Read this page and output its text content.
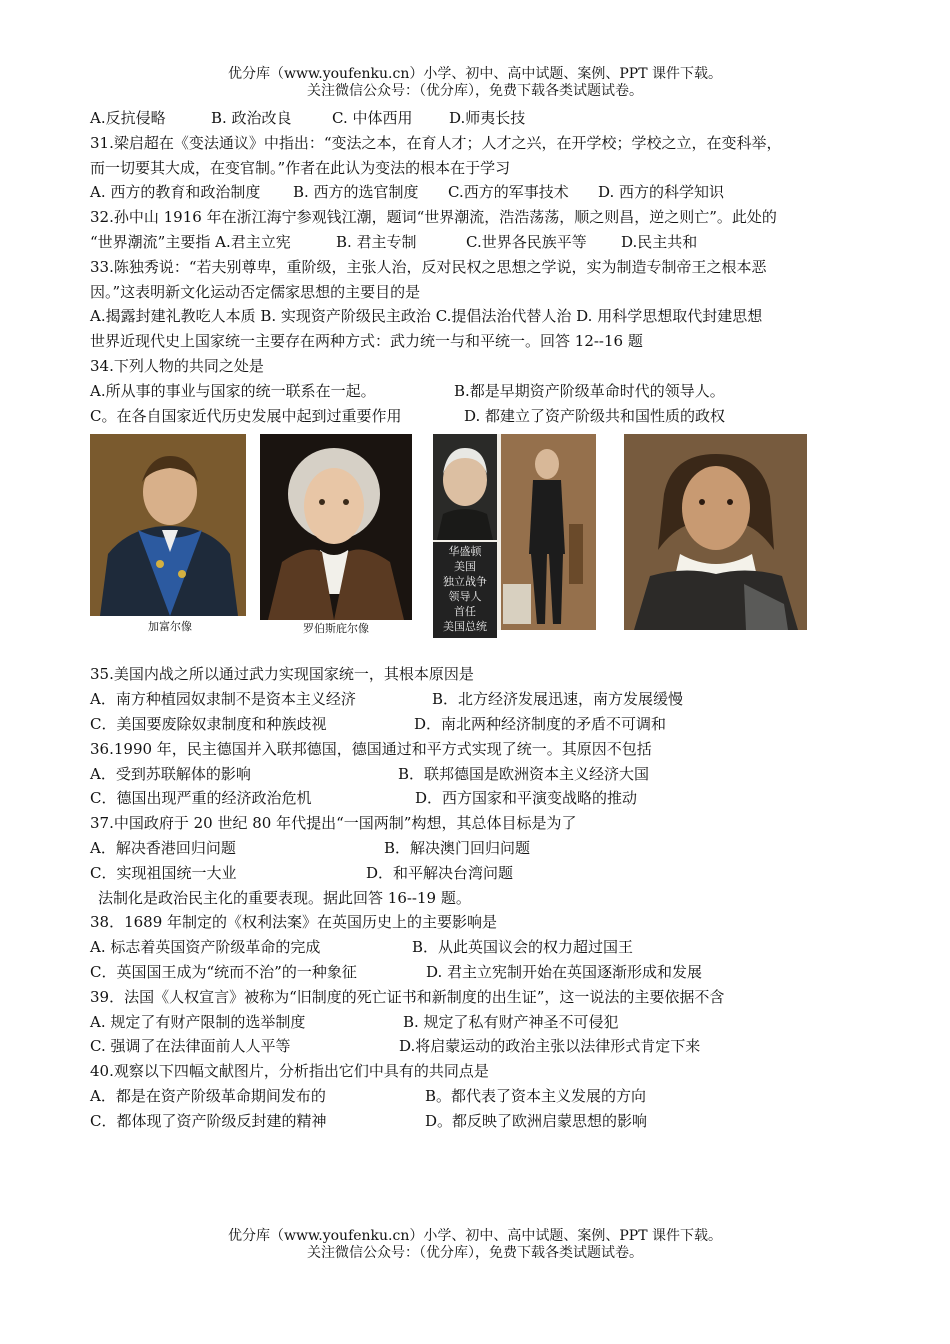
优分库（www.youfenku.cn）小学、初中、高中试题、案例、PPT 课件下载。
关注微信公众号：（优分库），免费下载各类试题试卷。
A.反抗侵略	B. 政治改良	C. 中体西用 D.师夷长技
31.梁启超在《变法通议》中指出：“变法之本，在育人才；人才之兴，在开学校；学校之立，在变科举，
而一切要其大成，在变官制。”作者在此认为变法的根本在于学习
A. 西方的教育和政治制度 B. 西方的选官制度 C.西方的军事技术 D. 西方的科学知识
32.孙中山 1916 年在浙江海宁参观钱江潮，题词“世界潮流，浩浩荡荡，顺之则昌，逆之则亡”。此处的
“世界潮流”主要指 A.君主立宪	B. 君主专制	C.世界各民族平等 D.民主共和
33.陈独秀说：“若夫别尊卑，重阶级，主张人治，反对民权之思想之学说，实为制造专制帝王之根本恶
因。”这表明新文化运动否定儒家思想的主要目的是
A.揭露封建礼教吃人本质 B. 实现资产阶级民主政治 C.提倡法治代替人治 D. 用科学思想取代封建思想
世界近现代史上国家统一主要存在两种方式：武力统一与和平统一。回答 12--16 题
34.下列人物的共同之处是
A.所从事的事业与国家的统一联系在一起。	B.都是早期资产阶级革命时代的领导人。
C。在各自国家近代历史发展中起到过重要作用	D. 都建立了资产阶级共和国性质的政权
加富尔像	罗伯斯庇尔像
华盛顿
美国
独立战争
领导人
首任
美国总统
35.美国内战之所以通过武力实现国家统一，其根本原因是
A．南方种植园奴隶制不是资本主义经济	B．北方经济发展迅速，南方发展缓慢
C．美国要废除奴隶制度和种族歧视	D．南北两种经济制度的矛盾不可调和
36.1990 年，民主德国并入联邦德国，德国通过和平方式实现了统一。其原因不包括
A．受到苏联解体的影响	B．联邦德国是欧洲资本主义经济大国
C．德国出现严重的经济政治危机	D．西方国家和平演变战略的推动
37.中国政府于 20 世纪 80 年代提出“一国两制”构想，其总体目标是为了
A．解决香港回归问题	B．解决澳门回归问题
C．实现祖国统一大业	D．和平解决台湾问题
法制化是政治民主化的重要表现。据此回答 16--19 题。
38．1689 年制定的《权利法案》在英国历史上的主要影响是
A. 标志着英国资产阶级革命的完成	B．从此英国议会的权力超过国王
C．英国国王成为“统而不治”的一种象征	D. 君主立宪制开始在英国逐渐形成和发展
39．法国《人权宣言》被称为“旧制度的死亡证书和新制度的出生证”，这一说法的主要依据不含
A. 规定了有财产限制的选举制度	B. 规定了私有财产神圣不可侵犯
C. 强调了在法律面前人人平等	D.将启蒙运动的政治主张以法律形式肯定下来
40.观察以下四幅文献图片，分析指出它们中具有的共同点是
A．都是在资产阶级革命期间发布的	B。都代表了资本主义发展的方向
C．都体现了资产阶级反封建的精神	D。都反映了欧洲启蒙思想的影响
优分库（www.youfenku.cn）小学、初中、高中试题、案例、PPT 课件下载。
关注微信公众号：（优分库），免费下载各类试题试卷。
